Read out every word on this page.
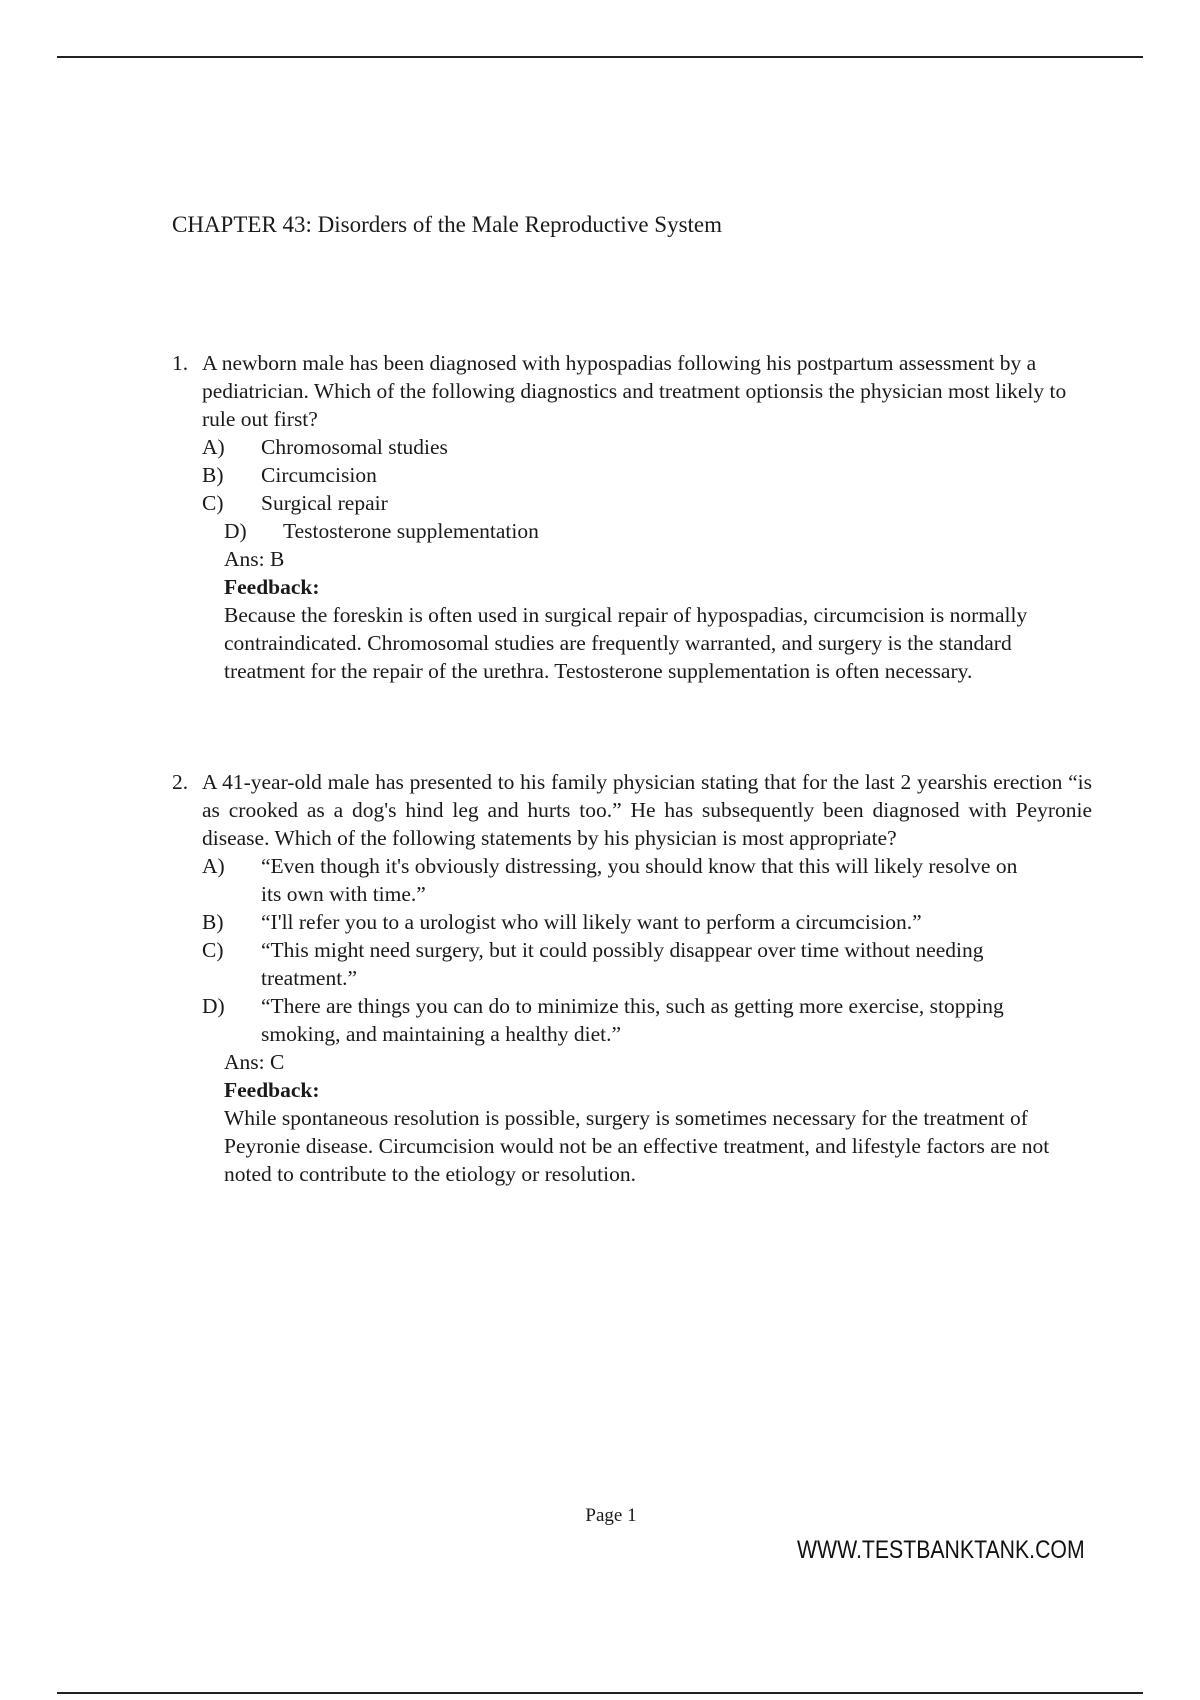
CHAPTER 43: Disorders of the Male Reproductive System
1. A newborn male has been diagnosed with hypospadias following his postpartum assessment by a pediatrician. Which of the following diagnostics and treatment optionsis the physician most likely to rule out first?
A) Chromosomal studies
B) Circumcision
C) Surgical repair
D) Testosterone supplementation
Ans: B
Feedback:
Because the foreskin is often used in surgical repair of hypospadias, circumcision is normally contraindicated. Chromosomal studies are frequently warranted, and surgery is the standard treatment for the repair of the urethra. Testosterone supplementation is often necessary.
2. A 41-year-old male has presented to his family physician stating that for the last 2 yearshis erection “is as crooked as a dog's hind leg and hurts too.” He has subsequently been diagnosed with Peyronie disease. Which of the following statements by his physician is most appropriate?
A) “Even though it's obviously distressing, you should know that this will likely resolve on its own with time.”
B) “I'll refer you to a urologist who will likely want to perform a circumcision.”
C) “This might need surgery, but it could possibly disappear over time without needing treatment.”
D) “There are things you can do to minimize this, such as getting more exercise, stopping smoking, and maintaining a healthy diet.”
Ans: C
Feedback:
While spontaneous resolution is possible, surgery is sometimes necessary for the treatment of Peyronie disease. Circumcision would not be an effective treatment, and lifestyle factors are not noted to contribute to the etiology or resolution.
Page 1
WWW.TESTBANKTANK.COM
